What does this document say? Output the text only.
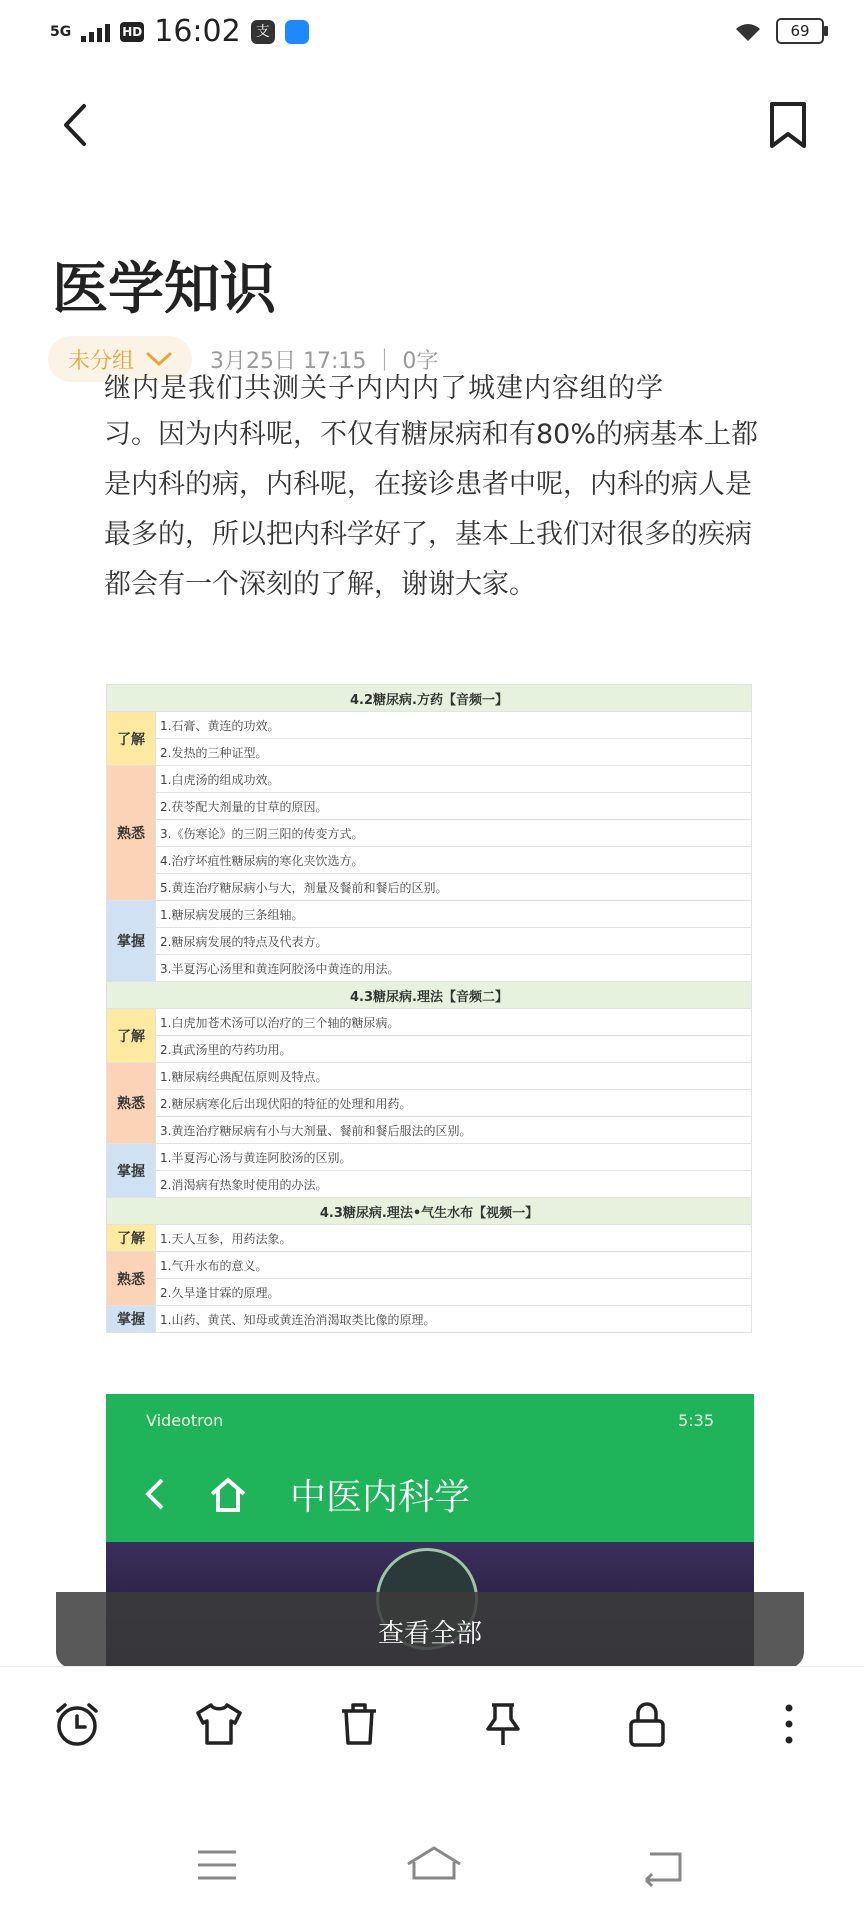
5G	HD 16:02	支	69
医学知识
未分组	3月25日 17:15 ｜ 0字
继内是我们共测关子内内内了城建内容组的学
习。因为内科呢，不仅有糖尿病和有80%的病基本上都是内科的病，内科呢，在接诊患者中呢，内科的病人是最多的，所以把内科学好了，基本上我们对很多的疾病都会有一个深刻的了解，谢谢大家。
4.2糖尿病.方药【音频一】	
了解	1.石膏、黄连的功效。
	2.发热的三种证型。
熟悉	1.白虎汤的组成功效。
	2.茯苓配大剂量的甘草的原因。
	3.《伤寒论》的三阴三阳的传变方式。
	4.治疗坏疽性糖尿病的寒化夹饮选方。
	5.黄连治疗糖尿病小与大，剂量及餐前和餐后的区别。
掌握	1.糖尿病发展的三条组轴。
	2.糖尿病发展的特点及代表方。
	3.半夏泻心汤里和黄连阿胶汤中黄连的用法。
4.3糖尿病.理法【音频二】	
了解	1.白虎加苍术汤可以治疗的三个轴的糖尿病。
	2.真武汤里的芍药功用。
熟悉	1.糖尿病经典配伍原则及特点。
	2.糖尿病寒化后出现伏阳的特征的处理和用药。
	3.黄连治疗糖尿病有小与大剂量、餐前和餐后服法的区别。
掌握	1.半夏泻心汤与黄连阿胶汤的区别。
	2.消渴病有热象时使用的办法。
4.3糖尿病.理法•气生水布【视频一】	
了解	1.天人互参，用药法象。
熟悉	1.气升水布的意义。
	2.久旱逢甘霖的原理。
掌握	1.山药、黄芪、知母或黄连治消渴取类比像的原理。
Videotron	5:35
中医内科学
查看全部
